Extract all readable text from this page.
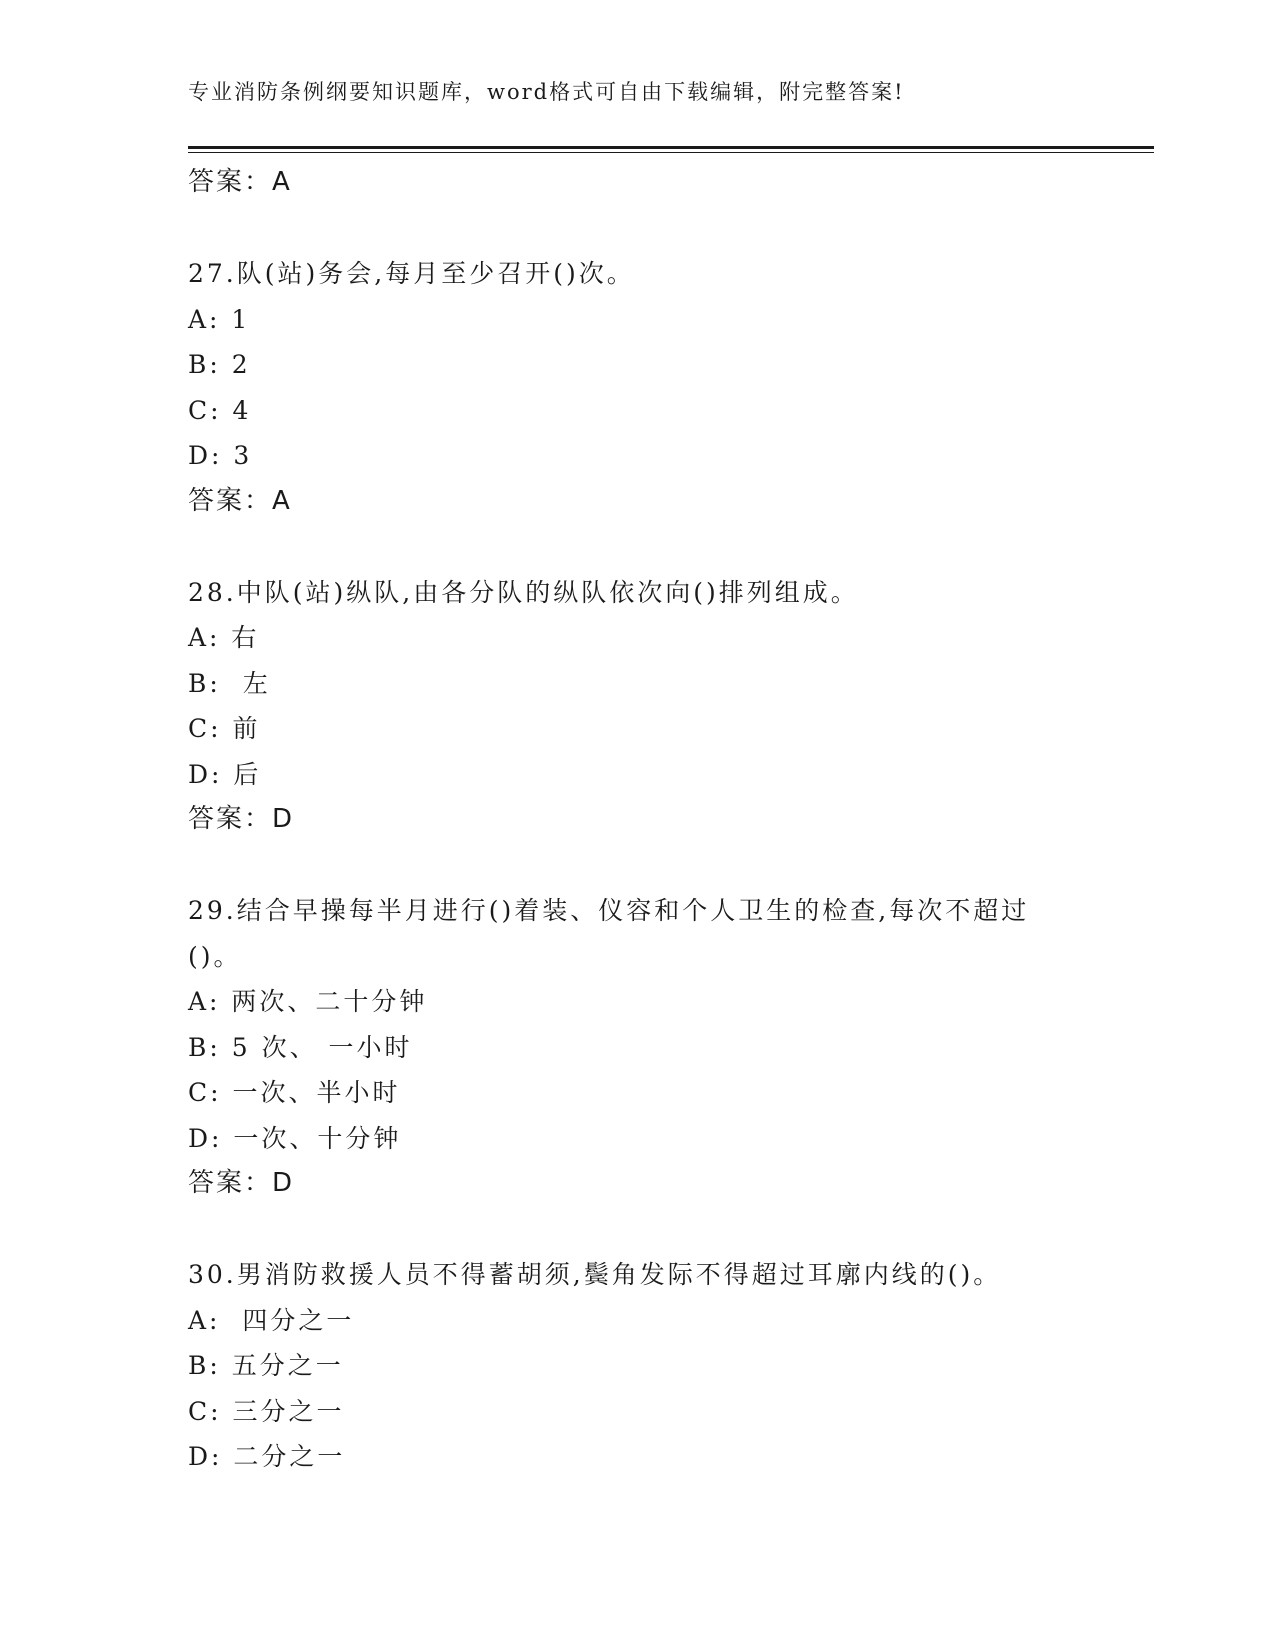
专业消防条例纲要知识题库，word格式可自由下载编辑，附完整答案!
答案：A
27.队(站)务会,每月至少召开()次。
A: 1
B: 2
C: 4
D: 3
答案：A
28.中队(站)纵队,由各分队的纵队依次向()排列组成。
A: 右
B:  左
C: 前
D: 后
答案：D
29.结合早操每半月进行()着装、仪容和个人卫生的检查,每次不超过
()。
A: 两次、二十分钟
B: 5 次、 一小时
C: 一次、半小时
D: 一次、十分钟
答案：D
30.男消防救援人员不得蓄胡须,鬓角发际不得超过耳廓内线的()。
A:  四分之一
B: 五分之一
C: 三分之一
D: 二分之一
